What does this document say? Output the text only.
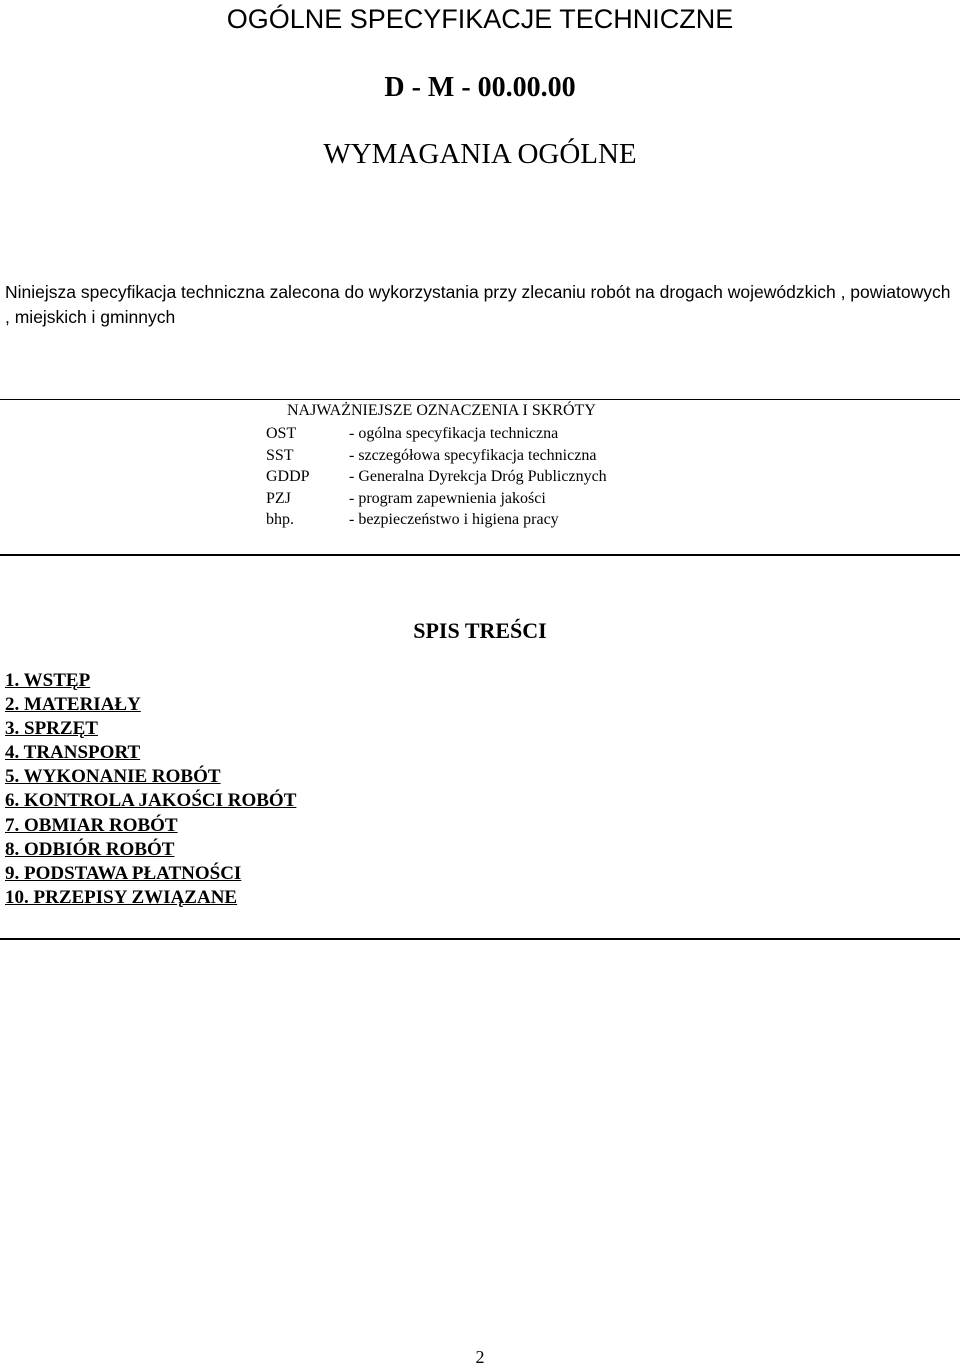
OGÓLNE SPECYFIKACJE TECHNICZNE
D - M - 00.00.00
WYMAGANIA OGÓLNE
Niniejsza specyfikacja techniczna zalecona do wykorzystania przy zlecaniu robót na drogach wojewódzkich , powiatowych , miejskich i gminnych
NAJWAŻNIEJSZE OZNACZENIA I SKRÓTY
OST	- ogólna specyfikacja techniczna
SST	- szczegółowa specyfikacja techniczna
GDDP - Generalna Dyrekcja Dróg Publicznych
PZJ	- program zapewnienia jakości
bhp.	- bezpieczeństwo i higiena pracy
SPIS TREŚCI
1. WSTĘP
2. MATERIAŁY
3. SPRZĘT
4. TRANSPORT
5. WYKONANIE ROBÓT
6. KONTROLA JAKOŚCI ROBÓT
7. OBMIAR ROBÓT
8. ODBIÓR ROBÓT
9. PODSTAWA PŁATNOŚCI
10. PRZEPISY ZWIĄZANE
2
